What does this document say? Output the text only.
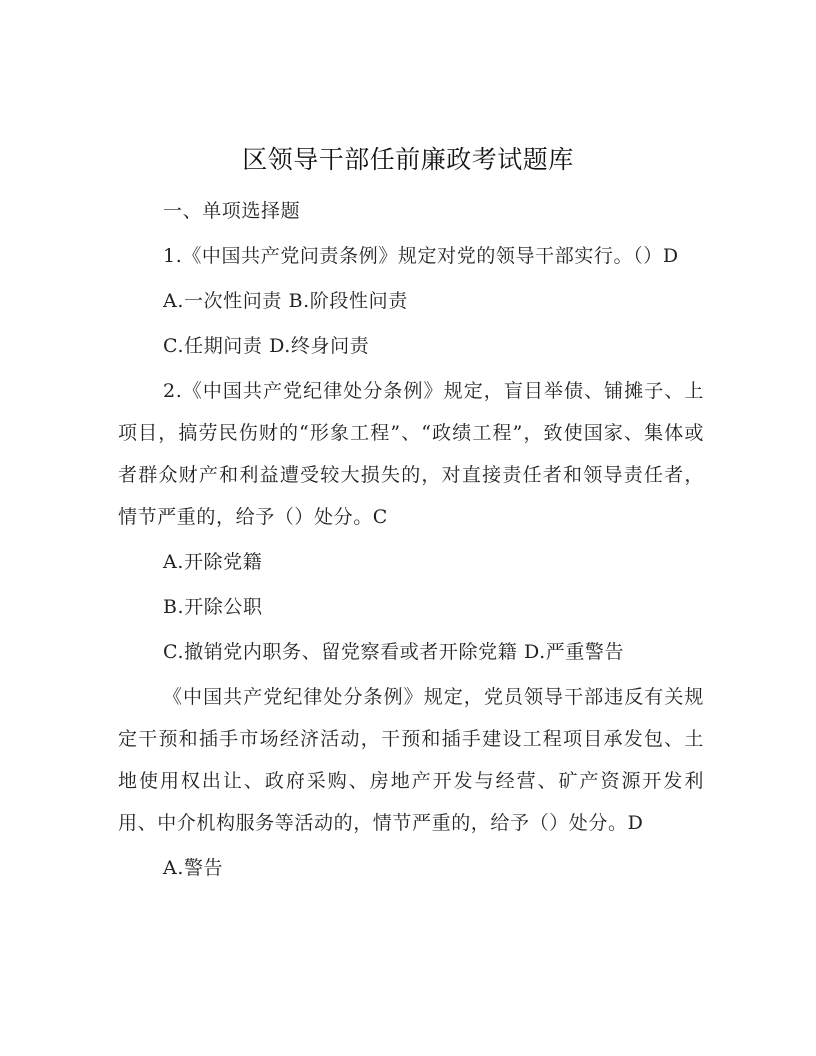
区领导干部任前廉政考试题库

一、单项选择题

1.《中国共产党问责条例》规定对党的领导干部实行。（）D

A.一次性问责 B.阶段性问责

C.任期问责 D.终身问责

2.《中国共产党纪律处分条例》规定，盲目举债、铺摊子、上项目，搞劳民伤财的“形象工程”、“政绩工程”，致使国家、集体或者群众财产和利益遭受较大损失的，对直接责任者和领导责任者，情节严重的，给予（）处分。C

A.开除党籍

B.开除公职

C.撤销党内职务、留党察看或者开除党籍 D.严重警告

《中国共产党纪律处分条例》规定，党员领导干部违反有关规定干预和插手市场经济活动，干预和插手建设工程项目承发包、土地使用权出让、政府采购、房地产开发与经营、矿产资源开发利用、中介机构服务等活动的，情节严重的，给予（）处分。D

A.警告
